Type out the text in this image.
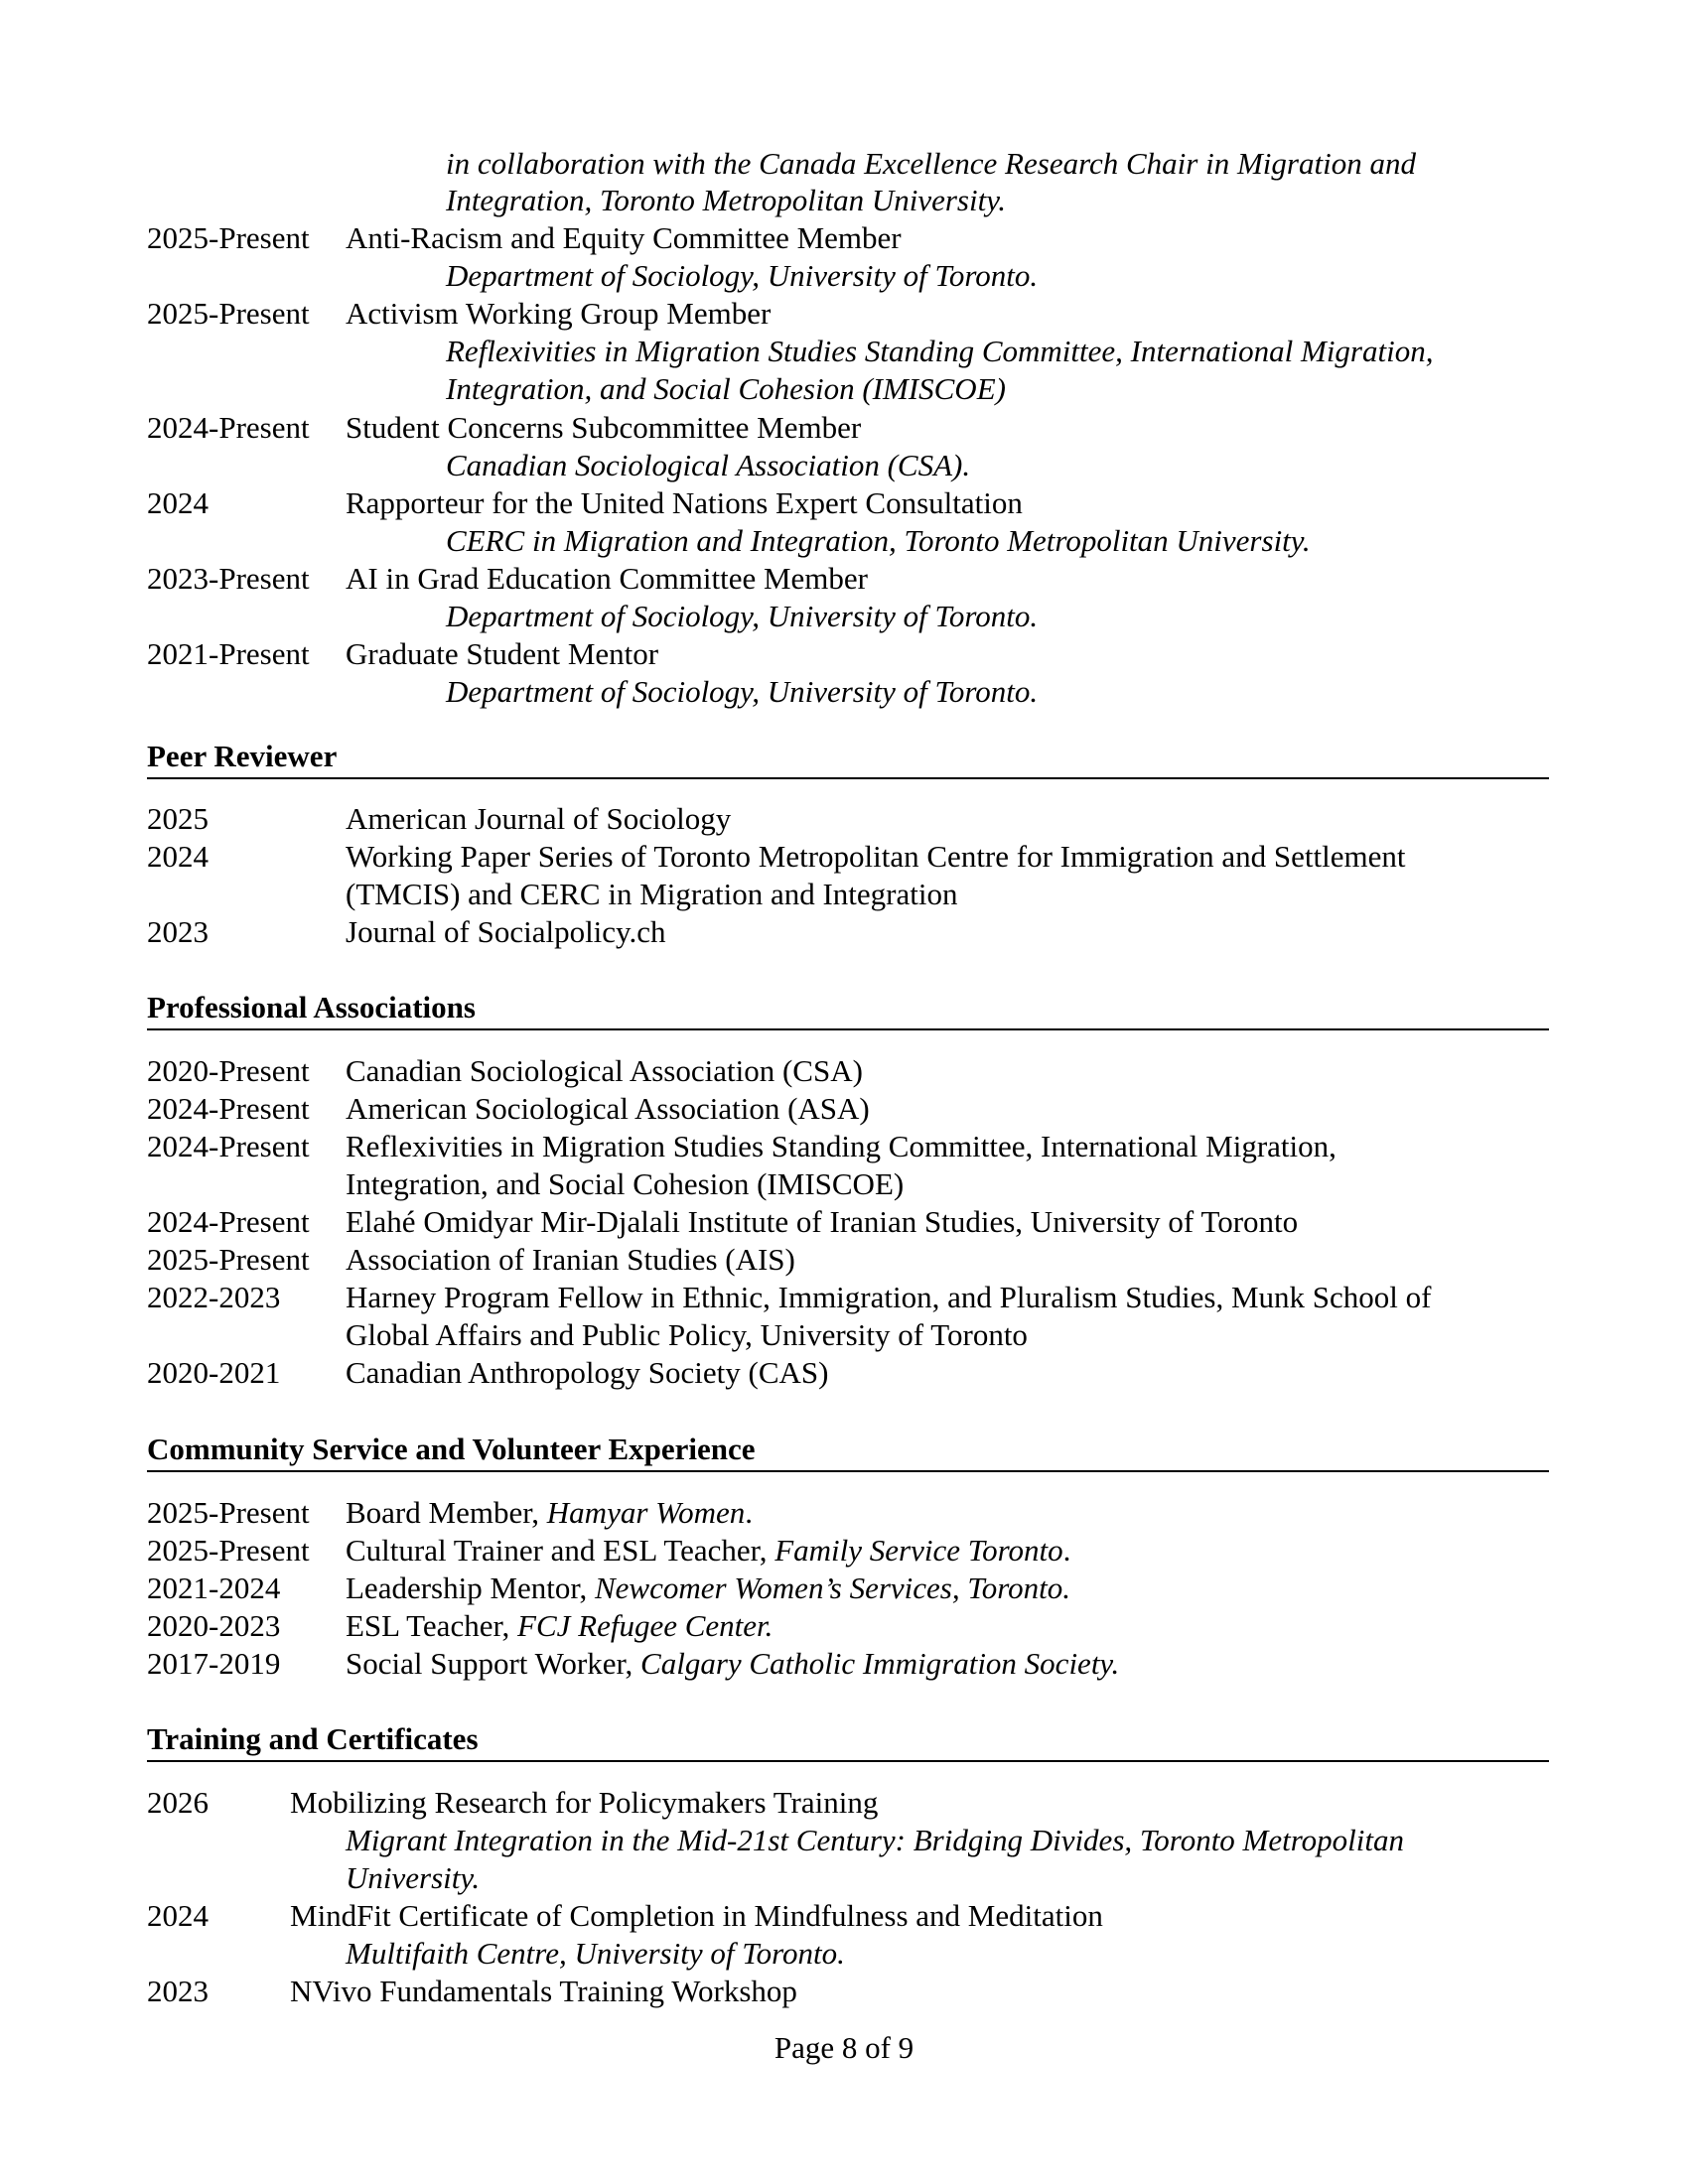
in collaboration with the Canada Excellence Research Chair in Migration and
Integration, Toronto Metropolitan University.
2025-Present Anti-Racism and Equity Committee Member
Department of Sociology, University of Toronto.
2025-Present Activism Working Group Member
Reflexivities in Migration Studies Standing Committee, International Migration,
Integration, and Social Cohesion (IMISCOE)
2024-Present Student Concerns Subcommittee Member
Canadian Sociological Association (CSA).
2024	Rapporteur for the United Nations Expert Consultation
CERC in Migration and Integration, Toronto Metropolitan University.
2023-Present AI in Grad Education Committee Member
Department of Sociology, University of Toronto.
2021-Present Graduate Student Mentor
Department of Sociology, University of Toronto.
Peer Reviewer
2025	American Journal of Sociology
2024	Working Paper Series of Toronto Metropolitan Centre for Immigration and Settlement
(TMCIS) and CERC in Migration and Integration
2023	Journal of Socialpolicy.ch
Professional Associations
2020-Present Canadian Sociological Association (CSA)
2024-Present American Sociological Association (ASA)
2024-Present Reflexivities in Migration Studies Standing Committee, International Migration,
Integration, and Social Cohesion (IMISCOE)
2024-Present Elahé Omidyar Mir-Djalali Institute of Iranian Studies, University of Toronto
2025-Present Association of Iranian Studies (AIS)
2022-2023 Harney Program Fellow in Ethnic, Immigration, and Pluralism Studies, Munk School of
Global Affairs and Public Policy, University of Toronto
2020-2021 Canadian Anthropology Society (CAS)
Community Service and Volunteer Experience
2025-Present Board Member, Hamyar Women.
2025-Present Cultural Trainer and ESL Teacher, Family Service Toronto.
2021-2024 Leadership Mentor, Newcomer Women’s Services, Toronto.
2020-2023 ESL Teacher, FCJ Refugee Center.
2017-2019 Social Support Worker, Calgary Catholic Immigration Society.
Training and Certificates
2026	Mobilizing Research for Policymakers Training
Migrant Integration in the Mid-21st Century: Bridging Divides, Toronto Metropolitan
University.
2024	MindFit Certificate of Completion in Mindfulness and Meditation
Multifaith Centre, University of Toronto.
2023	NVivo Fundamentals Training Workshop
Page 8 of 9
